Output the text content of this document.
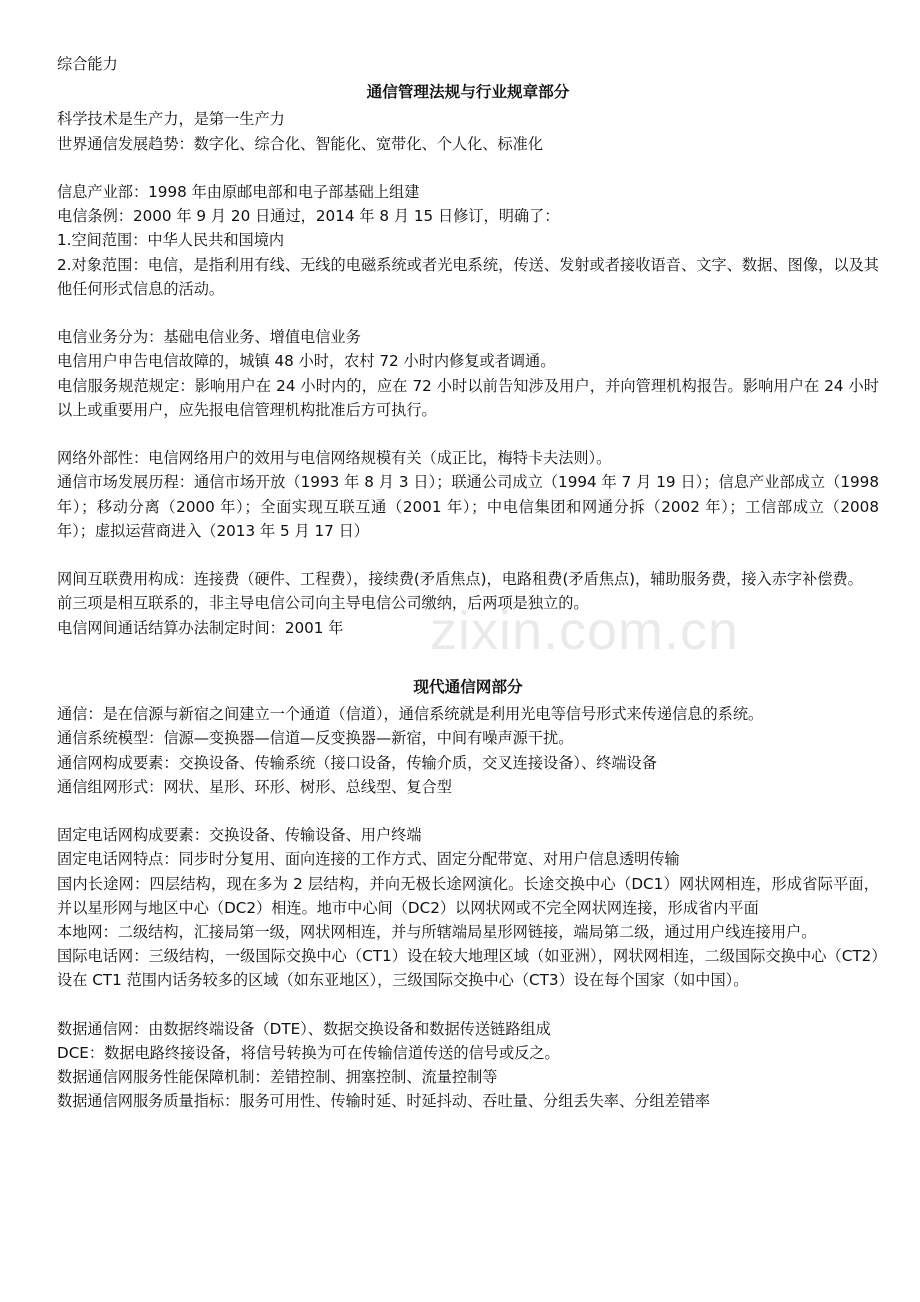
综合能力

通信管理法规与行业规章部分

科学技术是生产力，是第一生产力

世界通信发展趋势：数字化、综合化、智能化、宽带化、个人化、标准化

信息产业部：1998 年由原邮电部和电子部基础上组建

电信条例：2000 年 9 月 20 日通过，2014 年 8 月 15 日修订，明确了：

1.空间范围：中华人民共和国境内

2.对象范围：电信，是指利用有线、无线的电磁系统或者光电系统，传送、发射或者接收语音、文字、数据、图像，以及其他任何形式信息的活动。

电信业务分为：基础电信业务、增值电信业务

电信用户申告电信故障的，城镇 48 小时，农村 72 小时内修复或者调通。

电信服务规范规定：影响用户在 24 小时内的，应在 72 小时以前告知涉及用户，并向管理机构报告。影响用户在 24 小时以上或重要用户，应先报电信管理机构批准后方可执行。

网络外部性：电信网络用户的效用与电信网络规模有关（成正比，梅特卡夫法则）。

通信市场发展历程：通信市场开放（1993 年 8 月 3 日）；联通公司成立（1994 年 7 月 19 日）；信息产业部成立（1998 年）；移动分离（2000 年）；全面实现互联互通（2001 年）；中电信集团和网通分拆（2002 年）；工信部成立（2008 年）；虚拟运营商进入（2013 年 5 月 17 日）

网间互联费用构成：连接费（硬件、工程费），接续费(矛盾焦点)，电路租费(矛盾焦点)，辅助服务费，接入赤字补偿费。

前三项是相互联系的，非主导电信公司向主导电信公司缴纳，后两项是独立的。

电信网间通话结算办法制定时间：2001 年

现代通信网部分

通信：是在信源与新宿之间建立一个通道（信道），通信系统就是利用光电等信号形式来传递信息的系统。

通信系统模型：信源—变换器—信道—反变换器—新宿，中间有噪声源干扰。

通信网构成要素：交换设备、传输系统（接口设备，传输介质，交叉连接设备）、终端设备

通信组网形式：网状、星形、环形、树形、总线型、复合型

固定电话网构成要素：交换设备、传输设备、用户终端

固定电话网特点：同步时分复用、面向连接的工作方式、固定分配带宽、对用户信息透明传输

国内长途网：四层结构，现在多为 2 层结构，并向无极长途网演化。长途交换中心（DC1）网状网相连，形成省际平面，并以星形网与地区中心（DC2）相连。地市中心间（DC2）以网状网或不完全网状网连接，形成省内平面

本地网：二级结构，汇接局第一级，网状网相连，并与所辖端局星形网链接，端局第二级，通过用户线连接用户。

国际电话网：三级结构，一级国际交换中心（CT1）设在较大地理区域（如亚洲），网状网相连，二级国际交换中心（CT2）设在 CT1 范围内话务较多的区域（如东亚地区），三级国际交换中心（CT3）设在每个国家（如中国）。

数据通信网：由数据终端设备（DTE）、数据交换设备和数据传送链路组成

DCE：数据电路终接设备，将信号转换为可在传输信道传送的信号或反之。

数据通信网服务性能保障机制：差错控制、拥塞控制、流量控制等

数据通信网服务质量指标：服务可用性、传输时延、时延抖动、吞吐量、分组丢失率、分组差错率

zixin.com.cn
